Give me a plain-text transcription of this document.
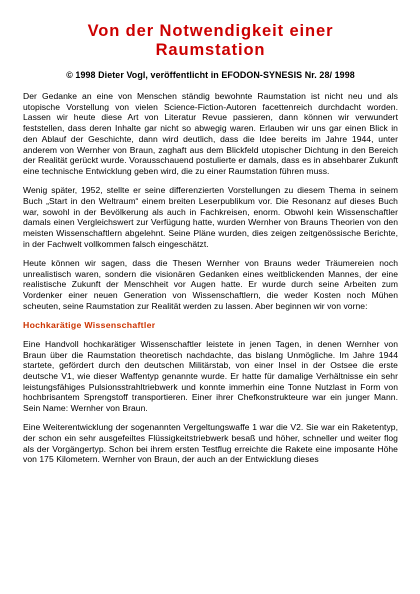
Von der Notwendigkeit einer
Raumstation

© 1998 Dieter Vogl, veröffentlicht in EFODON-SYNESIS Nr. 28/ 1998

Der Gedanke an eine von Menschen ständig bewohnte Raumstation ist nicht neu und als utopische Vorstellung von vielen Science-Fiction-Autoren facettenreich durchdacht worden. Lassen wir heute diese Art von Literatur Revue passieren, dann können wir verwundert feststellen, dass deren Inhalte gar nicht so abwegig waren. Erlauben wir uns gar einen Blick in den Ablauf der Geschichte, dann wird deutlich, dass die Idee bereits im Jahre 1944, unter anderem von Wernher von Braun, zaghaft aus dem Blickfeld utopischer Dichtung in den Bereich der Realität gerückt wurde. Vorausschauend postulierte er damals, dass es in absehbarer Zukunft eine technische Entwicklung geben wird, die zu einer Raumstation führen muss.

Wenig später, 1952, stellte er seine differenzierten Vorstellungen zu diesem Thema in seinem Buch „Start in den Weltraum“ einem breiten Leserpublikum vor. Die Resonanz auf dieses Buch war, sowohl in der Bevölkerung als auch in Fachkreisen, enorm. Obwohl kein Wissenschaftler damals einen Vergleichswert zur Verfügung hatte, wurden Wernher von Brauns Theorien von den meisten Wissenschaftlern abgelehnt. Seine Pläne wurden, dies zeigen zeitgenössische Berichte, in der Fachwelt vollkommen falsch eingeschätzt.

Heute können wir sagen, dass die Thesen Wernher von Brauns weder Träumereien noch unrealistisch waren, sondern die visionären Gedanken eines weitblickenden Mannes, der eine realistische Zukunft der Menschheit vor Augen hatte. Er wurde durch seine Arbeiten zum Vordenker einer neuen Generation von Wissenschaftlern, die weder Kosten noch Mühen scheuten, seine Raumstation zur Realität werden zu lassen. Aber beginnen wir von vorne:

Hochkarätige Wissenschaftler

Eine Handvoll hochkarätiger Wissenschaftler leistete in jenen Tagen, in denen Wernher von Braun über die Raumstation theoretisch nachdachte, das bislang Unmögliche. Im Jahre 1944 startete, gefördert durch den deutschen Militärstab, von einer Insel in der Ostsee die erste deutsche V1, wie dieser Waffentyp genannte wurde. Er hatte für damalige Verhältnisse ein sehr leistungsfähiges Pulsionsstrahltriebwerk und konnte immerhin eine Tonne Nutzlast in Form von hochbrisantem Sprengstoff transportieren. Einer ihrer Chefkonstrukteure war ein junger Mann. Sein Name: Wernher von Braun.

Eine Weiterentwicklung der sogenannten Vergeltungswaffe 1 war die V2. Sie war ein Raketentyp, der schon ein sehr ausgefeiltes Flüssigkeitstriebwerk besaß und höher, schneller und weiter flog als der Vorgängertyp. Schon bei ihrem ersten Testflug erreichte die Rakete eine imposante Höhe von 175 Kilometern. Wernher von Braun, der auch an der Entwicklung dieses
